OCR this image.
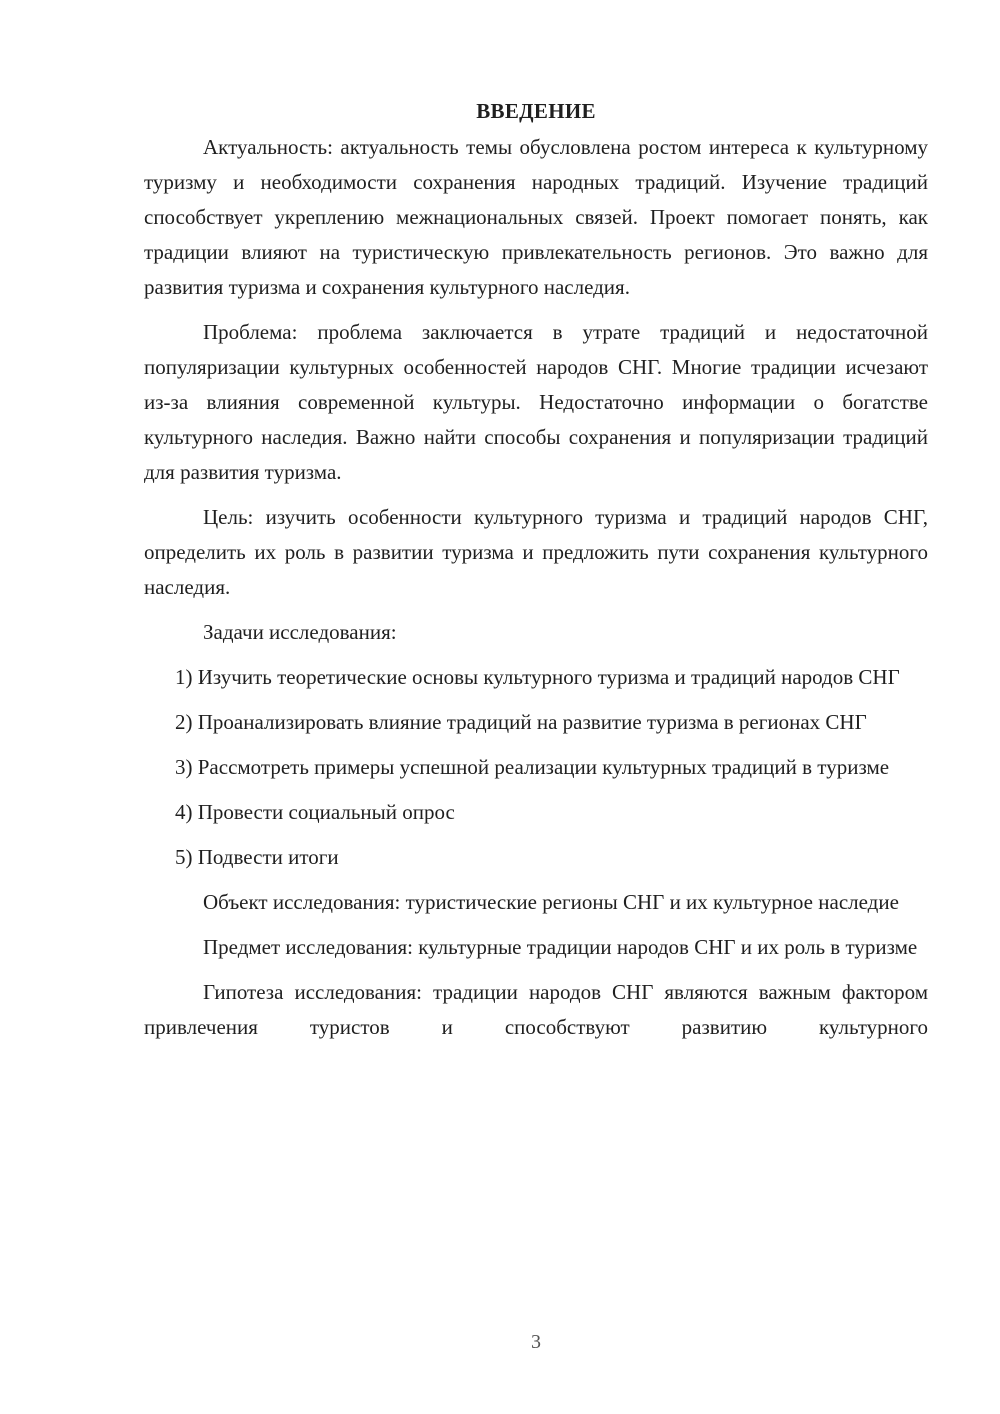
ВВЕДЕНИЕ

Актуальность: актуальность темы обусловлена ростом интереса к культурному туризму и необходимости сохранения народных традиций. Изучение традиций способствует укреплению межнациональных связей. Проект помогает понять, как традиции влияют на туристическую привлекательность регионов. Это важно для развития туризма и сохранения культурного наследия.

Проблема: проблема заключается в утрате традиций и недостаточной популяризации культурных особенностей народов СНГ. Многие традиции исчезают из-за влияния современной культуры. Недостаточно информации о богатстве культурного наследия. Важно найти способы сохранения и популяризации традиций для развития туризма.

Цель: изучить особенности культурного туризма и традиций народов СНГ, определить их роль в развитии туризма и предложить пути сохранения культурного наследия.

Задачи исследования:

1) Изучить теоретические основы культурного туризма и традиций народов СНГ

2) Проанализировать влияние традиций на развитие туризма в регионах СНГ

3) Рассмотреть примеры успешной реализации культурных традиций в туризме

4) Провести социальный опрос

5) Подвести итоги

Объект исследования: туристические регионы СНГ и их культурное наследие

Предмет исследования: культурные традиции народов СНГ и их роль в туризме

Гипотеза исследования: традиции народов СНГ являются важным фактором привлечения туристов и способствуют развитию культурного

3
